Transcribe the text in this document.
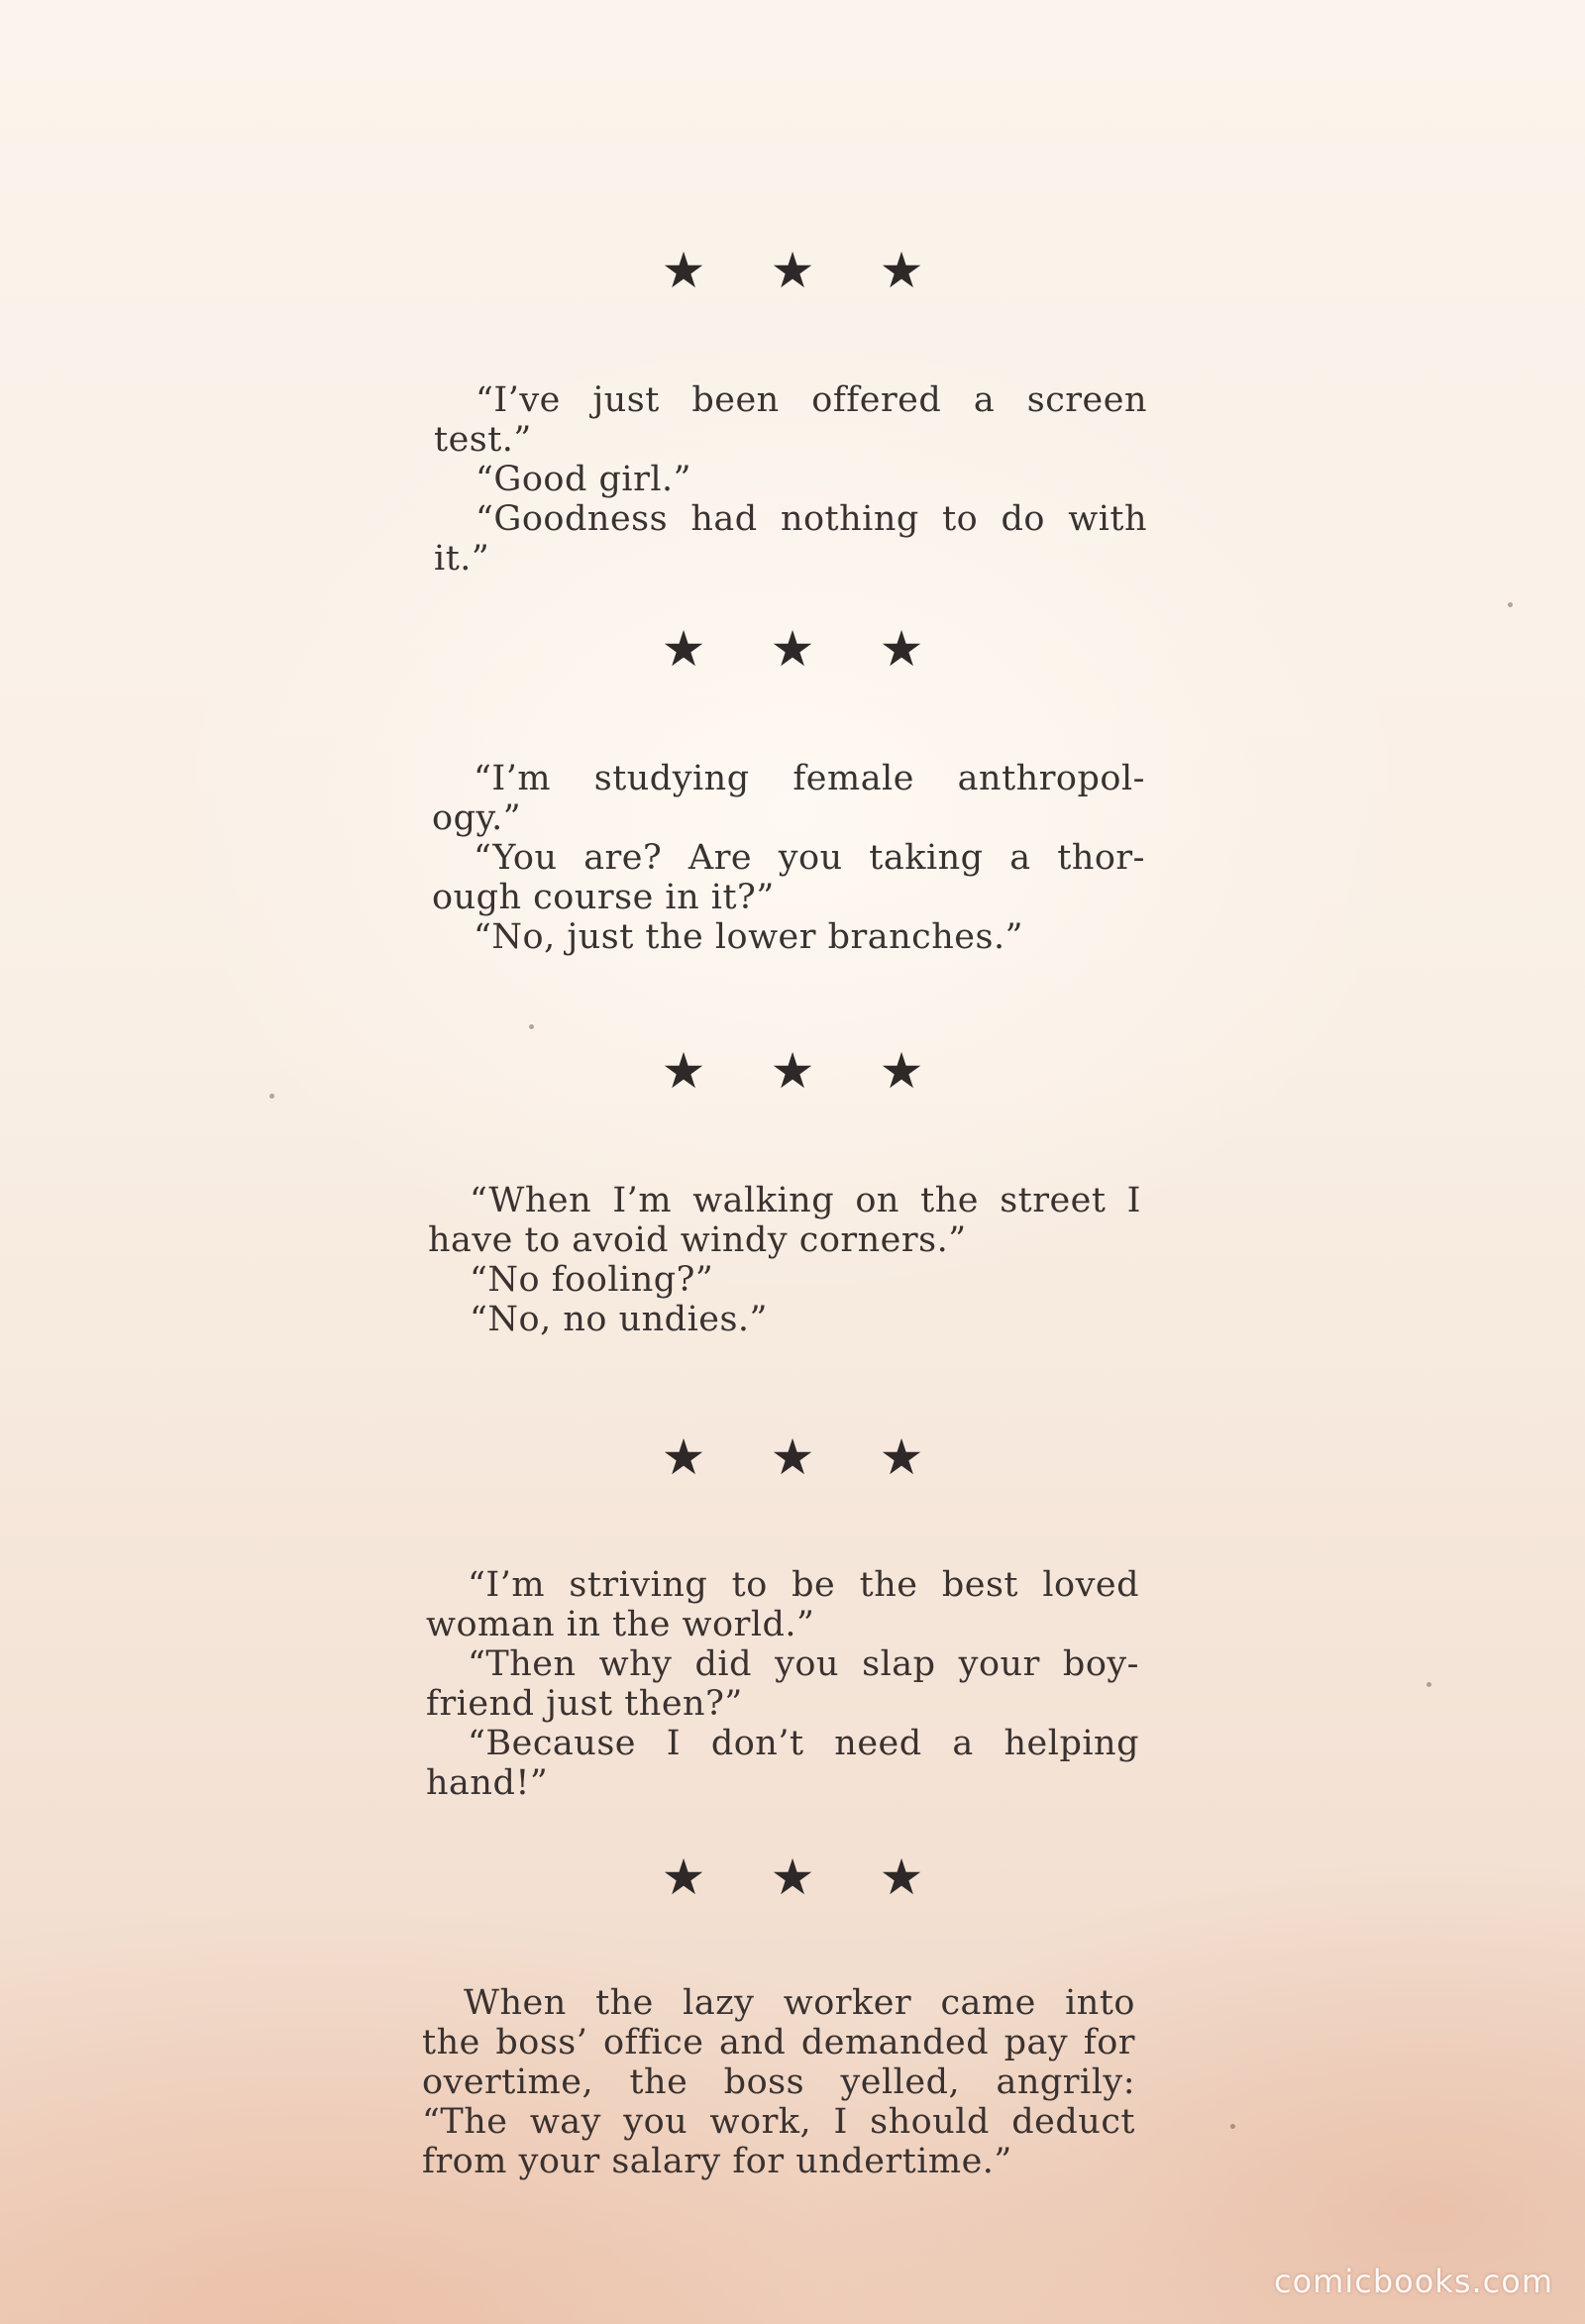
★ ★ ★
“I’ve just been offered a screen
test.”
“Good girl.”
“Goodness had nothing to do with
it.”
★ ★ ★
“I’m studying female anthropol-
ogy.”
“You are? Are you taking a thor-
ough course in it?”
“No, just the lower branches.”
★ ★ ★
“When I’m walking on the street I
have to avoid windy corners.”
“No fooling?”
“No, no undies.”
★ ★ ★
“I’m striving to be the best loved
woman in the world.”
“Then why did you slap your boy-
friend just then?”
“Because I don’t need a helping
hand!”
★ ★ ★
When the lazy worker came into
the boss’ office and demanded pay for
overtime, the boss yelled, angrily:
“The way you work, I should deduct
from your salary for undertime.”
comicbooks.com
